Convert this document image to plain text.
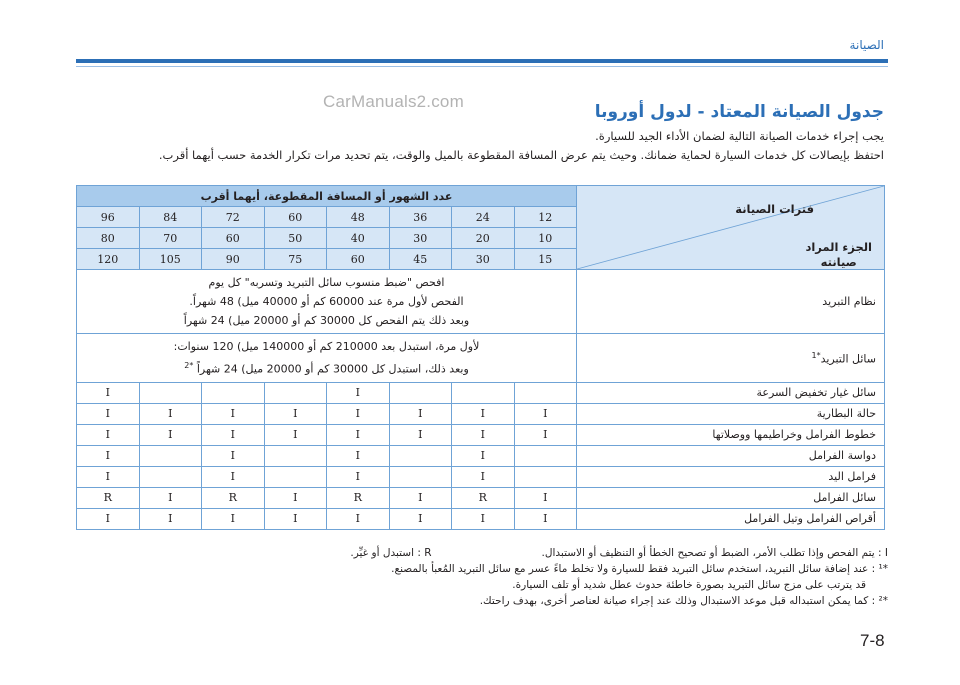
الصيانة
CarManuals2.com
جدول الصيانة المعتاد - لدول أوروبا
يجب إجراء خدمات الصيانة التالية لضمان الأداء الجيد للسيارة.
احتفظ بإيصالات كل خدمات السيارة لحماية ضمانك. وحيث يتم عرض المسافة المقطوعة بالميل والوقت، يتم تحديد مرات تكرار الخدمة حسب أيهما أقرب.
عدد الشهور أو المسافة المقطوعة، أيهما أقرب								فترات الصيانة
الجزء المراد
صيانته

96	84	72	60	48	36	24	12	
80	70	60	50	40	30	20	10	
120	105	90	75	60	45	30	15	

افحص "ضبط منسوب سائل التبريد وتسربه" كل يوم
الفحص لأول مرة عند 60000 كم أو 40000 ميل) 48 شهراً.
وبعد ذلك يتم الفحص كل 30000 كم أو 20000 ميل) 24 شهراً								نظام التبريد

لأول مرة، استبدل بعد 210000 كم أو 140000 ميل) 120 سنوات:
وبعد ذلك، استبدل كل 30000 كم أو 20000 ميل) 24 شهراً $^{*2}$								سائل التبريد$^{*1}$
I				I				سائل غيار تخفيض السرعة
I	I	I	I	I	I	I	I	حالة البطارية
I	I	I	I	I	I	I	I	خطوط الفرامل وخراطيمها ووصلاتها
I		I		I		I		دواسة الفرامل
I		I		I		I		فرامل اليد
R	I	R	I	R	I	R	I	سائل الفرامل
I	I	I	I	I	I	I	I	أقراص الفرامل وتيل الفرامل
I : يتم الفحص وإذا تطلب الأمر، الضبط أو تصحيح الخطأ أو التنظيف أو الاستبدال.
R : استبدل أو غيِّر.
*¹ : عند إضافة سائل التبريد، استخدم سائل التبريد فقط للسيارة ولا تخلط ماءً عسر مع سائل التبريد المُعبأ بالمصنع.
قد يترتب على مزج سائل التبريد بصورة خاطئة حدوث عطل شديد أو تلف السيارة.
*² : كما يمكن استبداله قبل موعد الاستبدال وذلك عند إجراء صيانة لعناصر أخرى، بهدف راحتك.
7-8
